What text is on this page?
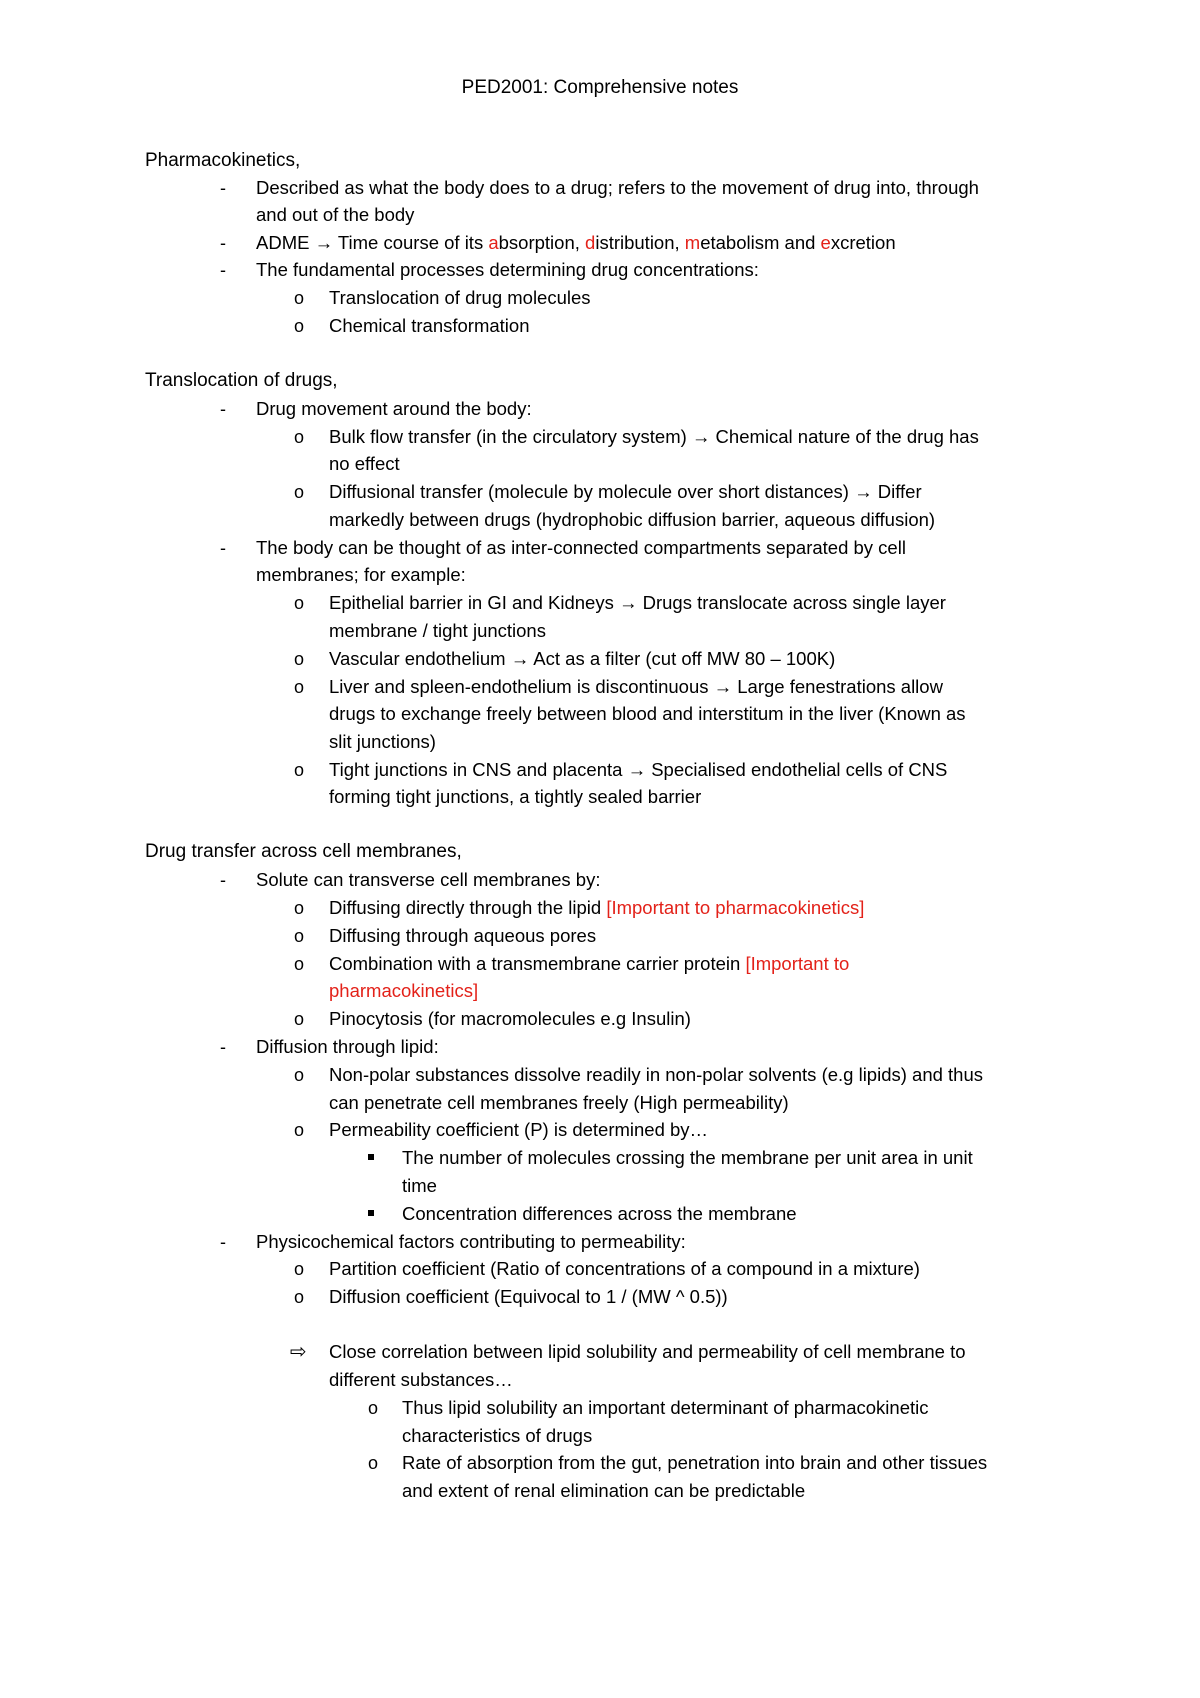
PED2001: Comprehensive notes
Pharmacokinetics,
- Described as what the body does to a drug; refers to the movement of drug into, through
and out of the body
- ADME → Time course of its absorption, distribution, metabolism and excretion
- The fundamental processes determining drug concentrations:
o Translocation of drug molecules
o Chemical transformation
Translocation of drugs,
- Drug movement around the body:
o Bulk flow transfer (in the circulatory system) → Chemical nature of the drug has
no effect
o Diffusional transfer (molecule by molecule over short distances) → Differ
markedly between drugs (hydrophobic diffusion barrier, aqueous diffusion)
- The body can be thought of as inter-connected compartments separated by cell
membranes; for example:
o Epithelial barrier in GI and Kidneys → Drugs translocate across single layer
membrane / tight junctions
o Vascular endothelium → Act as a filter (cut off MW 80 – 100K)
o Liver and spleen-endothelium is discontinuous → Large fenestrations allow
drugs to exchange freely between blood and interstitum in the liver (Known as
slit junctions)
o Tight junctions in CNS and placenta → Specialised endothelial cells of CNS
forming tight junctions, a tightly sealed barrier
Drug transfer across cell membranes,
- Solute can transverse cell membranes by:
o Diffusing directly through the lipid [Important to pharmacokinetics]
o Diffusing through aqueous pores
o Combination with a transmembrane carrier protein [Important to
pharmacokinetics]
o Pinocytosis (for macromolecules e.g Insulin)
- Diffusion through lipid:
o Non-polar substances dissolve readily in non-polar solvents (e.g lipids) and thus
can penetrate cell membranes freely (High permeability)
o Permeability coefficient (P) is determined by…
The number of molecules crossing the membrane per unit area in unit
time
Concentration differences across the membrane
- Physicochemical factors contributing to permeability:
o Partition coefficient (Ratio of concentrations of a compound in a mixture)
o Diffusion coefficient (Equivocal to 1 / (MW ^ 0.5))
⇨ Close correlation between lipid solubility and permeability of cell membrane to
different substances…
o Thus lipid solubility an important determinant of pharmacokinetic
characteristics of drugs
o Rate of absorption from the gut, penetration into brain and other tissues
and extent of renal elimination can be predictable
